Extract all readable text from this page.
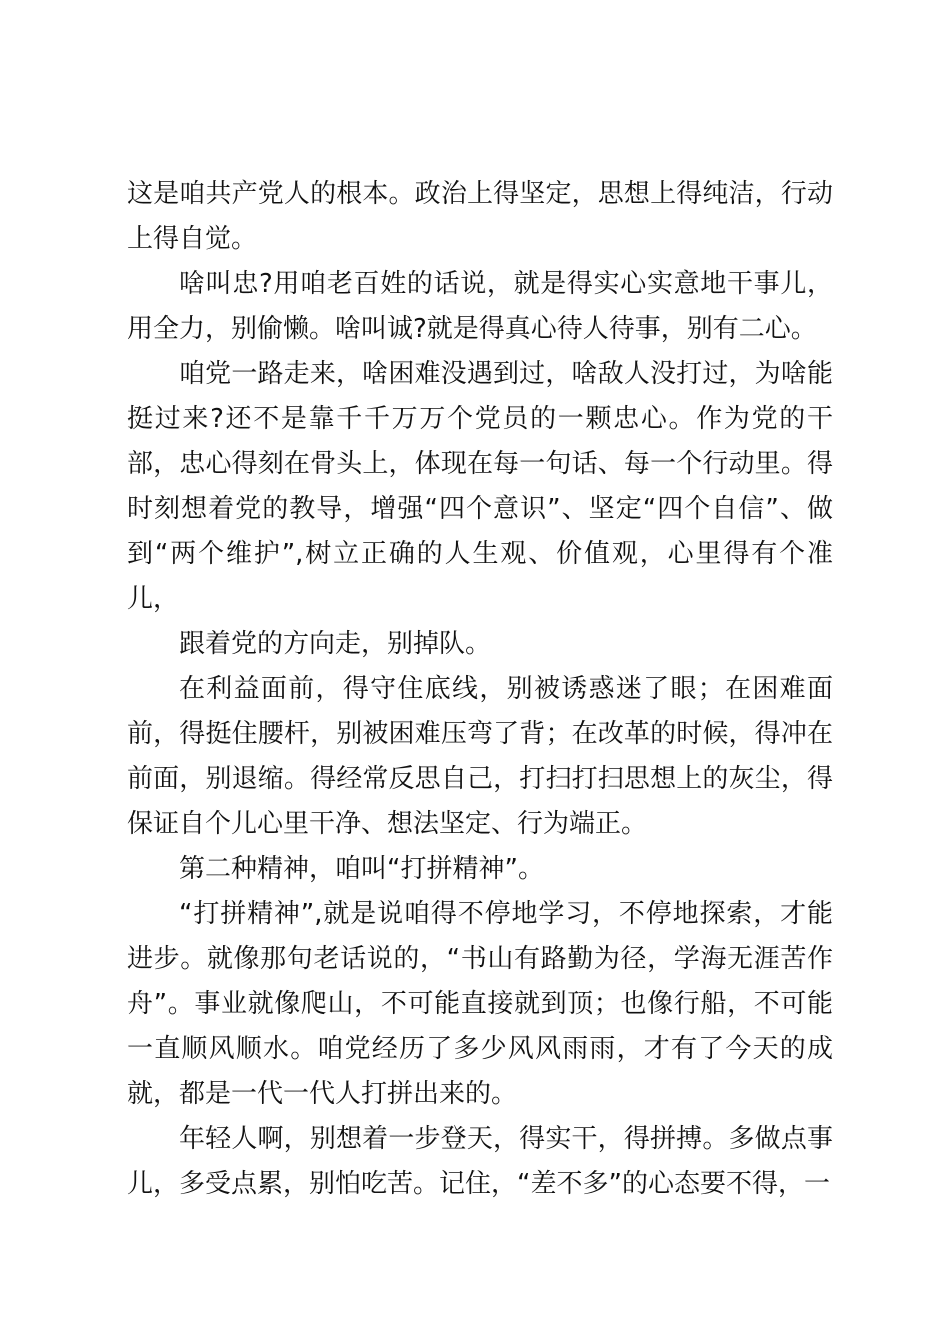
这是咱共产党人的根本。政治上得坚定，思想上得纯洁，行动上得自觉。

啥叫忠?用咱老百姓的话说，就是得实心实意地干事儿，用全力，别偷懒。啥叫诚?就是得真心待人待事，别有二心。

咱党一路走来，啥困难没遇到过，啥敌人没打过，为啥能挺过来?还不是靠千千万万个党员的一颗忠心。作为党的干部，忠心得刻在骨头上，体现在每一句话、每一个行动里。得时刻想着党的教导，增强“四个意识”、坚定“四个自信”、做到“两个维护”,树立正确的人生观、价值观，心里得有个准儿，

跟着党的方向走，别掉队。

在利益面前，得守住底线，别被诱惑迷了眼；在困难面前，得挺住腰杆，别被困难压弯了背；在改革的时候，得冲在前面，别退缩。得经常反思自己，打扫打扫思想上的灰尘，得保证自个儿心里干净、想法坚定、行为端正。

第二种精神，咱叫“打拼精神”。

“打拼精神”,就是说咱得不停地学习，不停地探索，才能进步。就像那句老话说的，“书山有路勤为径，学海无涯苦作舟”。事业就像爬山，不可能直接就到顶；也像行船，不可能一直顺风顺水。咱党经历了多少风风雨雨，才有了今天的成就，都是一代一代人打拼出来的。

年轻人啊，别想着一步登天，得实干，得拼搏。多做点事儿，多受点累，别怕吃苦。记住，“差不多”的心态要不得，一
